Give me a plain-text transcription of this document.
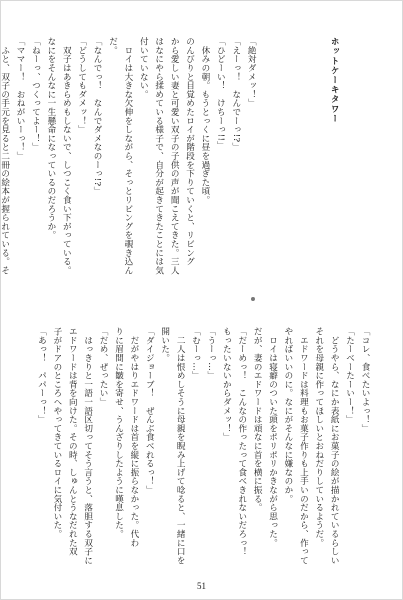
ホットケーキタワー

「絶対ダメッ！」
「えーっ！　なんでーっ!?」
「ひどーい！　けちーっ!!」
　休みの朝。もうとっくに昼を過ぎた頃。
のんびりと目覚めたロイが階段を下りていくと、リビング
から愛しい妻と可愛い双子の子供の声が聞こえてきた。三人
はなにやら揉めている様子で、自分が起きてきたことには気
付いていない。
　ロイは大きな欠伸をしながら、そっとリビングを覗き込ん
だ。
「なんでっ！　なんでダメなのーっ!?」
「どうしてもダメッ！」
　双子はあきらめもしないで、しつこく食い下がっている。
なにをそんなに一生懸命になっているのだろうか。
「ねーっ、つくってよー！」
「ママー！　おねがいーっ！」
　ふと、双子の手元を見ると二冊の絵本が握られている。そ
「コレ、食べたいよっ！」
「たーべーたーいー！」
　どうやら、なにか表紙にお菓子の絵が描かれているらしい
それを母親に作ってほしいとおねだりしているようだ。
　エドワードは料理もお菓子作りも上手いのだから、作って
やればいいのに。なにがそんなに嫌なのか。
　ロイは寝癖のついた頭をポリポリかきながら思った。
だが、妻のエドワードは頑なに首を横に振る。
「だーめっ！　こんなの作ったって食べきれないだろっ！
もったいないからダメッ！」
「うーっ…」
「むーっ…」
　二人は恨めしそうに母親を睨み上げて唸ると、一緒に口を
開いた。
「ダイジョーブ！　ぜんぶ食べれるっ！」
　だがやはりエドワードは首を縦に振らなかった。代わ
りに眉間に皺を寄せ、うんざりしたように嘆息した。
「だめ、ぜったい」
　はっきりと一語一語区切ってそう言うと、落胆する双子に
エドワードは背を向けた。その時、しゅんとうなだれた双
子がドアのところへやってきているロイに気付いた。
「あっ！　パパーっ！」
51
